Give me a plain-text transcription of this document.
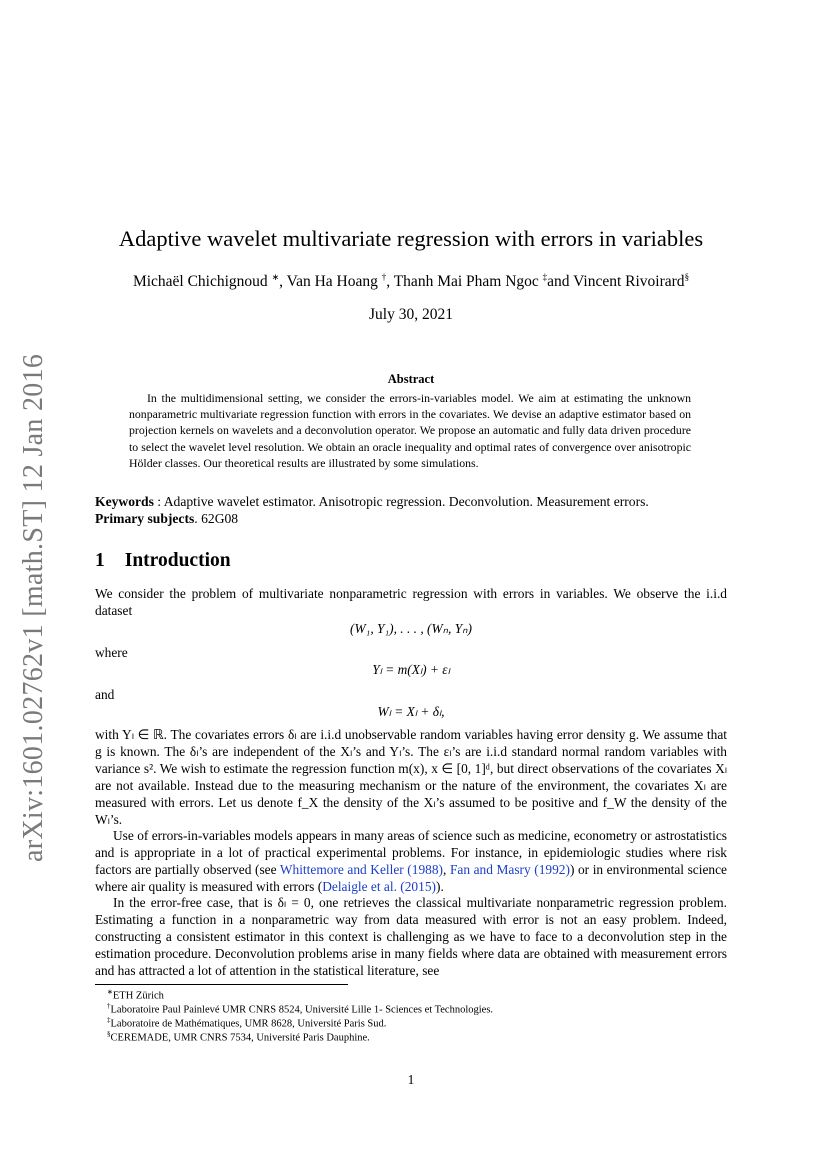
arXiv:1601.02762v1 [math.ST] 12 Jan 2016
Adaptive wavelet multivariate regression with errors in variables
Michaël Chichignoud ∗, Van Ha Hoang †, Thanh Mai Pham Ngoc ‡and Vincent Rivoirard§
July 30, 2021
Abstract
In the multidimensional setting, we consider the errors-in-variables model. We aim at estimating the unknown nonparametric multivariate regression function with errors in the covariates. We devise an adaptive estimator based on projection kernels on wavelets and a deconvolution operator. We propose an automatic and fully data driven procedure to select the wavelet level resolution. We obtain an oracle inequality and optimal rates of convergence over anisotropic Hölder classes. Our theoretical results are illustrated by some simulations.
Keywords : Adaptive wavelet estimator. Anisotropic regression. Deconvolution. Measurement errors.
Primary subjects. 62G08
1 Introduction
We consider the problem of multivariate nonparametric regression with errors in variables. We observe the i.i.d dataset
(W₁, Y₁), . . . , (Wₙ, Yₙ)
where
Yₗ = m(Xₗ) + εₗ
and
Wₗ = Xₗ + δₗ,
with Yₗ ∈ ℝ. The covariates errors δₗ are i.i.d unobservable random variables having error density g. We assume that g is known. The δₗ’s are independent of the Xₗ’s and Yₗ’s. The εₗ’s are i.i.d standard normal random variables with variance s². We wish to estimate the regression function m(x), x ∈ [0, 1]ᵈ, but direct observations of the covariates Xₗ are not available. Instead due to the measuring mechanism or the nature of the environment, the covariates Xₗ are measured with errors. Let us denote f_X the density of the Xₗ’s assumed to be positive and f_W the density of the Wₗ’s.
Use of errors-in-variables models appears in many areas of science such as medicine, econometry or astrostatistics and is appropriate in a lot of practical experimental problems. For instance, in epidemiologic studies where risk factors are partially observed (see Whittemore and Keller (1988), Fan and Masry (1992)) or in environmental science where air quality is measured with errors (Delaigle et al. (2015)).
In the error-free case, that is δₗ = 0, one retrieves the classical multivariate nonparametric regression problem. Estimating a function in a nonparametric way from data measured with error is not an easy problem. Indeed, constructing a consistent estimator in this context is challenging as we have to face to a deconvolution step in the estimation procedure. Deconvolution problems arise in many fields where data are obtained with measurement errors and has attracted a lot of attention in the statistical literature, see
∗ETH Zürich
†Laboratoire Paul Painlevé UMR CNRS 8524, Université Lille 1- Sciences et Technologies.
‡Laboratoire de Mathématiques, UMR 8628, Université Paris Sud.
§CEREMADE, UMR CNRS 7534, Université Paris Dauphine.
1
